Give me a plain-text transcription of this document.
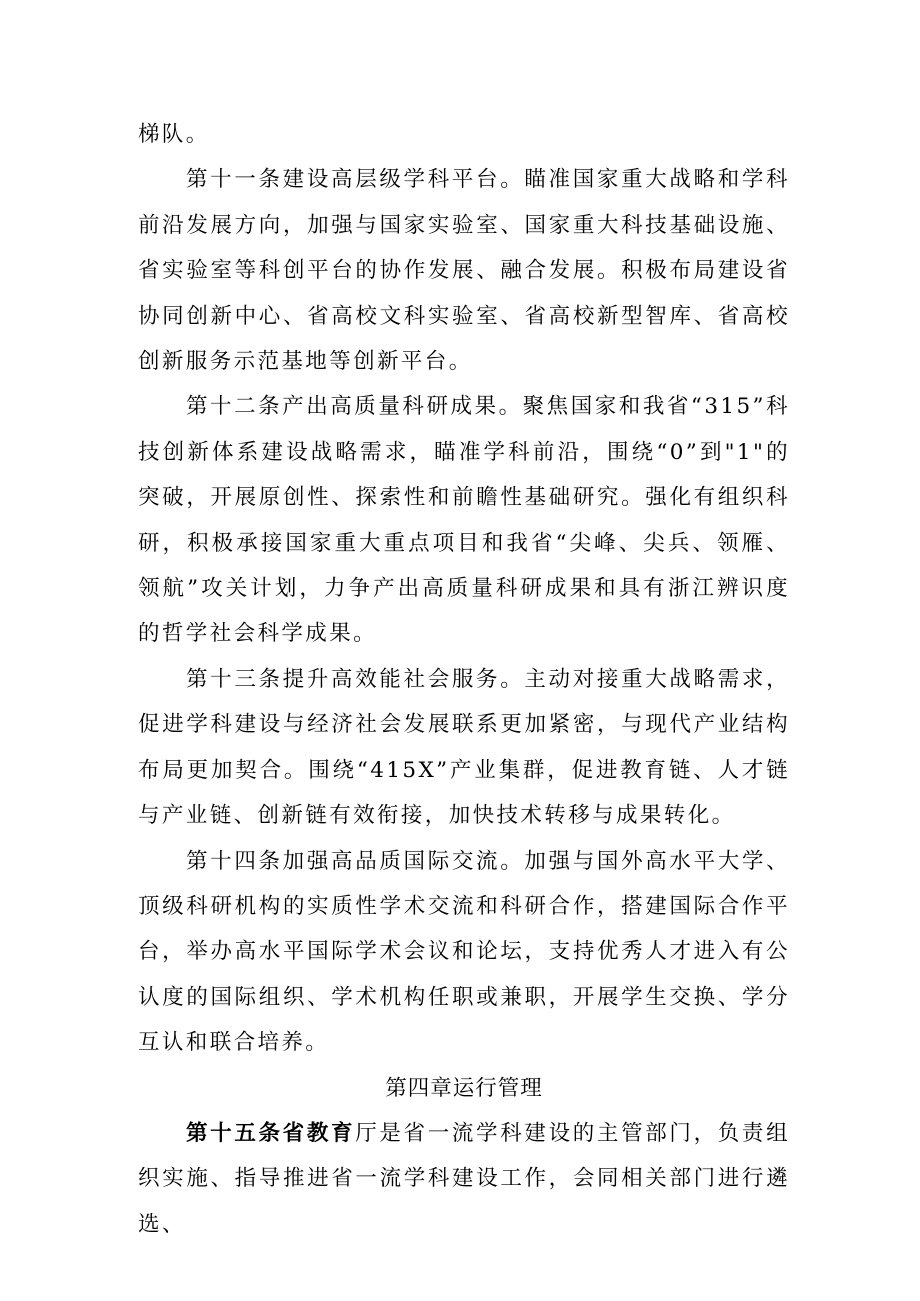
梯队。

第十一条建设高层级学科平台。瞄准国家重大战略和学科前沿发展方向，加强与国家实验室、国家重大科技基础设施、省实验室等科创平台的协作发展、融合发展。积极布局建设省协同创新中心、省高校文科实验室、省高校新型智库、省高校创新服务示范基地等创新平台。

第十二条产出高质量科研成果。聚焦国家和我省“315”科技创新体系建设战略需求，瞄准学科前沿，围绕“0”到"1"的突破，开展原创性、探索性和前瞻性基础研究。强化有组织科研，积极承接国家重大重点项目和我省“尖峰、尖兵、领雁、领航”攻关计划，力争产出高质量科研成果和具有浙江辨识度的哲学社会科学成果。

第十三条提升高效能社会服务。主动对接重大战略需求，促进学科建设与经济社会发展联系更加紧密，与现代产业结构布局更加契合。围绕“415X”产业集群，促进教育链、人才链与产业链、创新链有效衔接，加快技术转移与成果转化。

第十四条加强高品质国际交流。加强与国外高水平大学、顶级科研机构的实质性学术交流和科研合作，搭建国际合作平台，举办高水平国际学术会议和论坛，支持优秀人才进入有公认度的国际组织、学术机构任职或兼职，开展学生交换、学分互认和联合培养。

第四章运行管理

第十五条省教育厅是省一流学科建设的主管部门，负责组织实施、指导推进省一流学科建设工作，会同相关部门进行遴选、
